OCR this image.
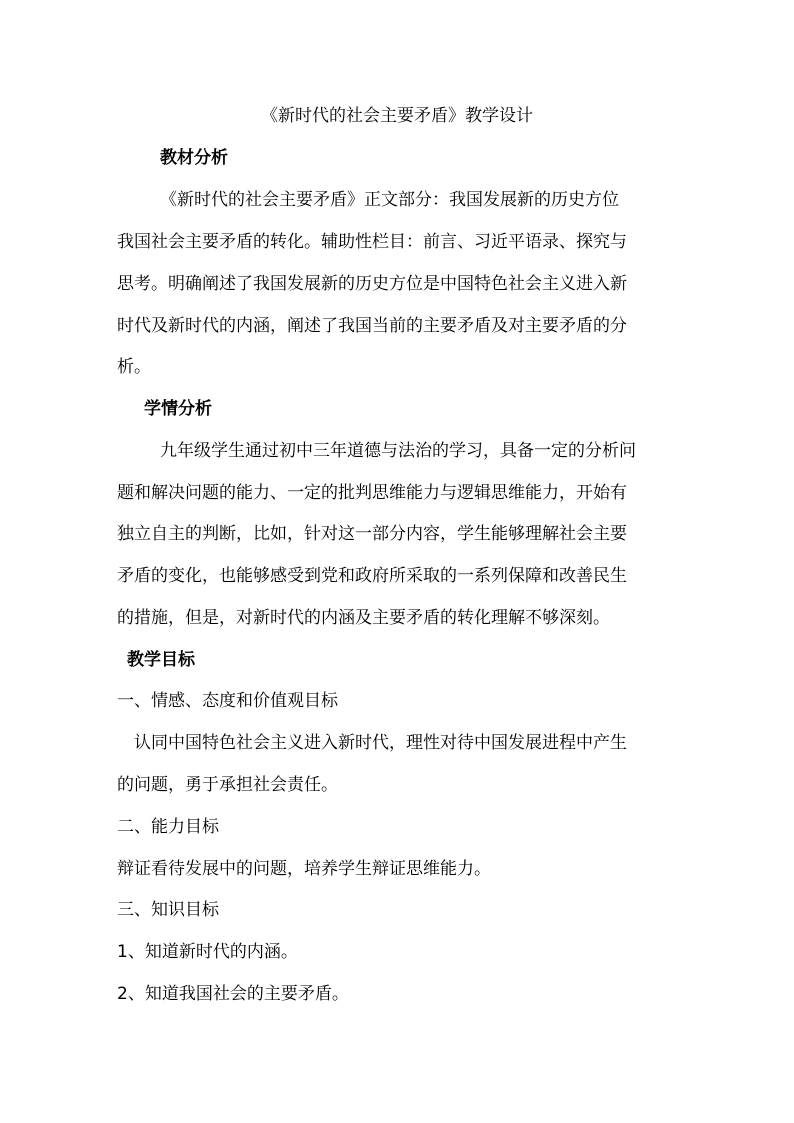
《新时代的社会主要矛盾》教学设计
教材分析
《新时代的社会主要矛盾》正文部分：我国发展新的历史方位
我国社会主要矛盾的转化。辅助性栏目：前言、习近平语录、探究与
思考。明确阐述了我国发展新的历史方位是中国特色社会主义进入新
时代及新时代的内涵，阐述了我国当前的主要矛盾及对主要矛盾的分
析。
学情分析
九年级学生通过初中三年道德与法治的学习，具备一定的分析问
题和解决问题的能力、一定的批判思维能力与逻辑思维能力，开始有
独立自主的判断，比如，针对这一部分内容，学生能够理解社会主要
矛盾的变化，也能够感受到党和政府所采取的一系列保障和改善民生
的措施，但是，对新时代的内涵及主要矛盾的转化理解不够深刻。
教学目标
一、情感、态度和价值观目标
认同中国特色社会主义进入新时代，理性对待中国发展进程中产生
的问题，勇于承担社会责任。
二、能力目标
辩证看待发展中的问题，培养学生辩证思维能力。
三、知识目标
1、知道新时代的内涵。
2、知道我国社会的主要矛盾。
